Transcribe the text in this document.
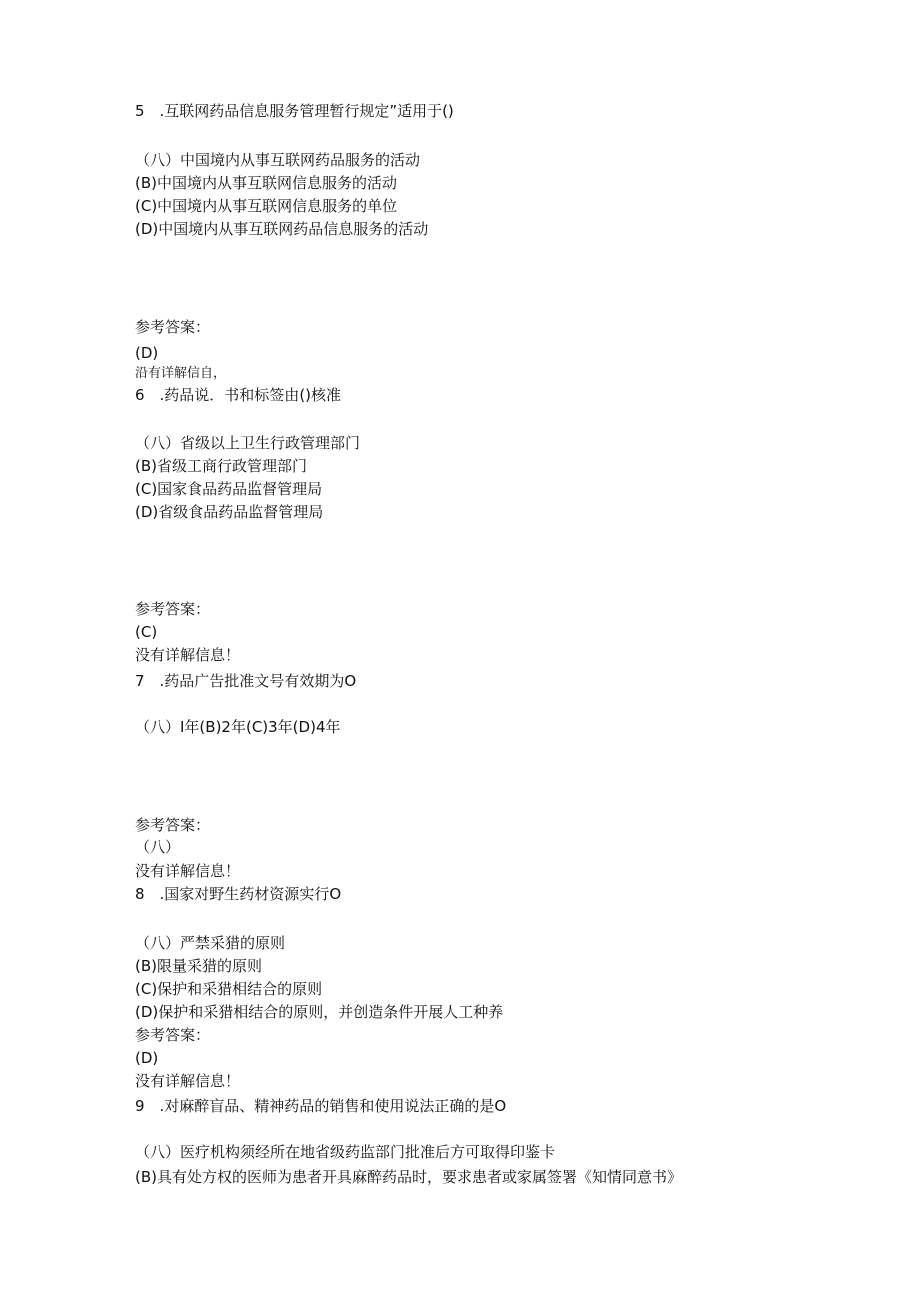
5　.互联网药品信息服务管理暂行规定”适用于()
（八）中国境内从事互联网药品服务的活动
(B)中国境内从事互联网信息服务的活动
(C)中国境内从事互联网信息服务的单位
(D)中国境内从事互联网药品信息服务的活动
参考答案：
(D)
沿有详解信自，
6　.药品说．书和标签由()核准
（八）省级以上卫生行政管理部门
(B)省级工商行政管理部门
(C)国家食品药品监督管理局
(D)省级食品药品监督管理局
参考答案：
(C)
没有详解信息！
7　.药品广告批准文号有效期为O
（八）I年(B)2年(C)3年(D)4年
参考答案：
（八）
没有详解信息！
8　.国家对野生药材资源实行O
（八）严禁采猎的原则
(B)限量采猎的原则
(C)保护和采猎相结合的原则
(D)保护和采猎相结合的原则，并创造条件开展人工种养
参考答案：
(D)
没有详解信息！
9　.对麻醉盲品、精神药品的销售和使用说法正确的是O
（八）医疗机构须经所在地省级药监部门批准后方可取得印鉴卡
(B)具有处方权的医师为患者开具麻醉药品时，要求患者或家属签署《知情同意书》
